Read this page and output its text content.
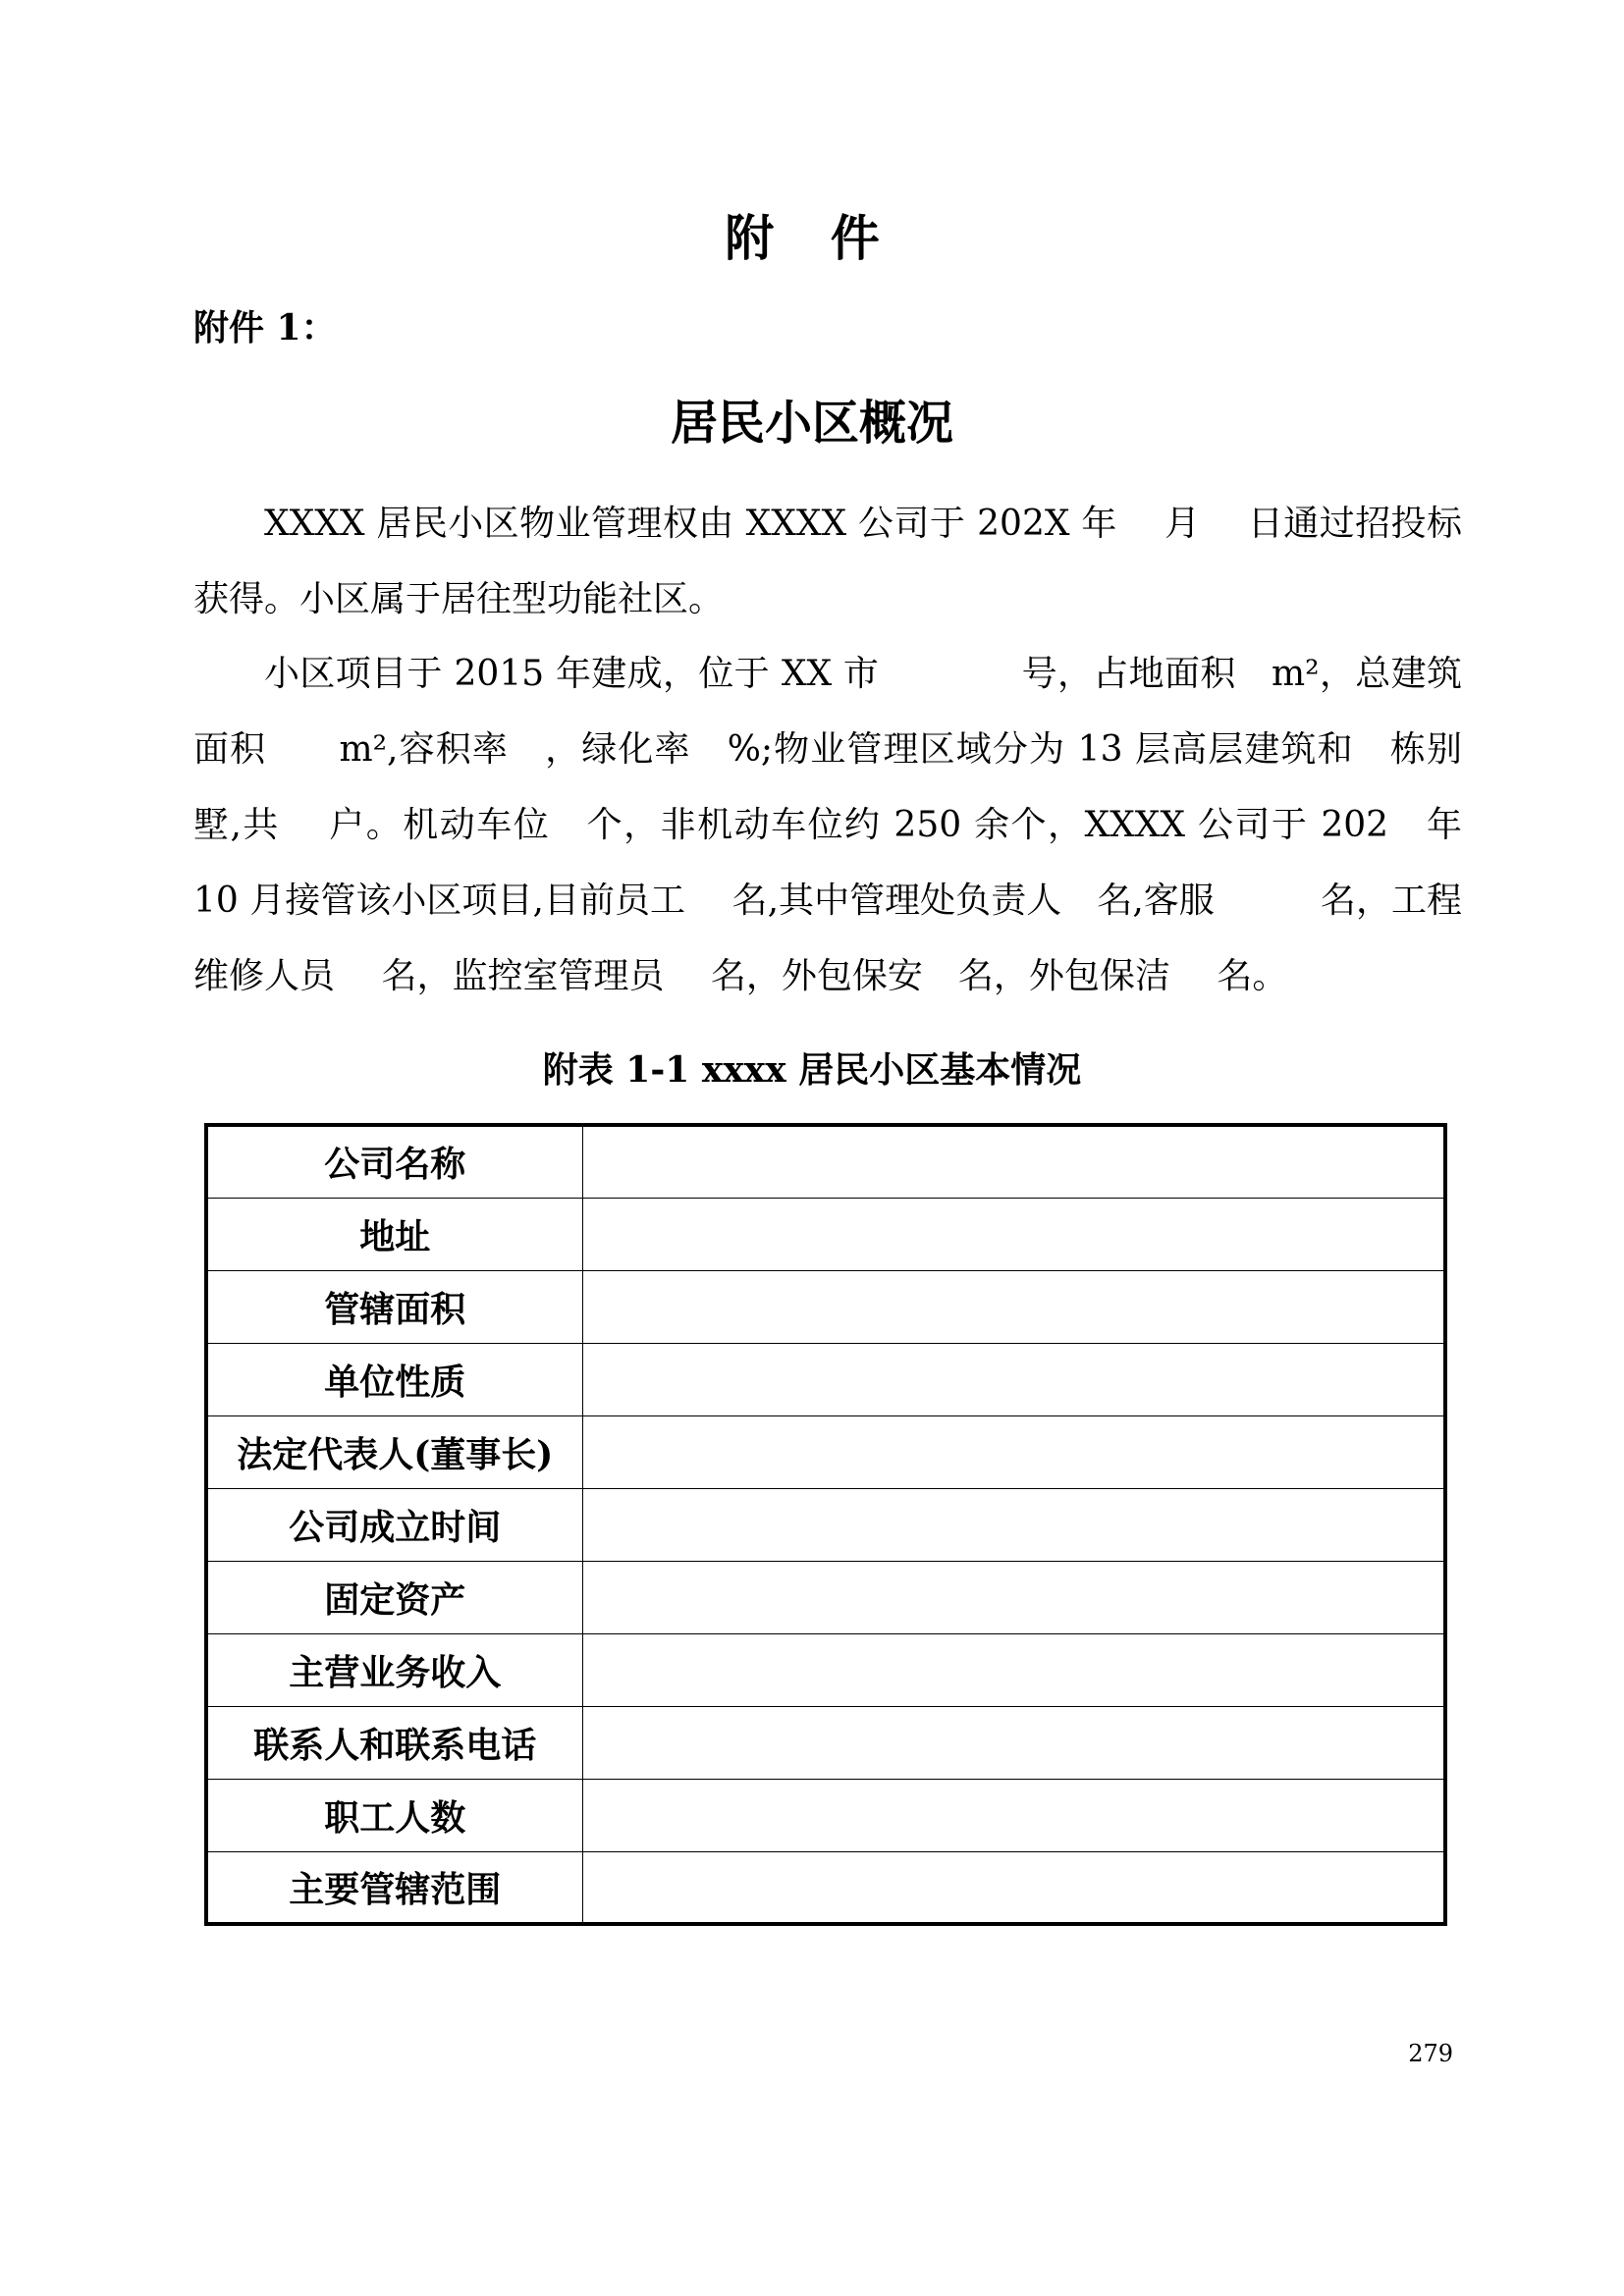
附 件
附件 1：
居民小区概况

XXXX 居民小区物业管理权由 XXXX 公司于 202X 年　 月　 日通过招投标获得。小区属于居往型功能社区。

小区项目于 2015 年建成，位于 XX 市　　　　号，占地面积　m²，总建筑面积　　m²,容积率　，绿化率　%;物业管理区域分为 13 层高层建筑和　栋别墅,共　 户。机动车位　个，非机动车位约 250 余个，XXXX 公司于 202　年 10 月接管该小区项目,目前员工　 名,其中管理处负责人　名,客服　　　名，工程维修人员　 名，监控室管理员　 名，外包保安　名，外包保洁　 名。

附表 1-1 xxxx 居民小区基本情况
公司名称	
地址	
管辖面积	
单位性质	
法定代表人(董事长)	
公司成立时间	
固定资产	
主营业务收入	
联系人和联系电话	
职工人数	
主要管辖范围	
279
